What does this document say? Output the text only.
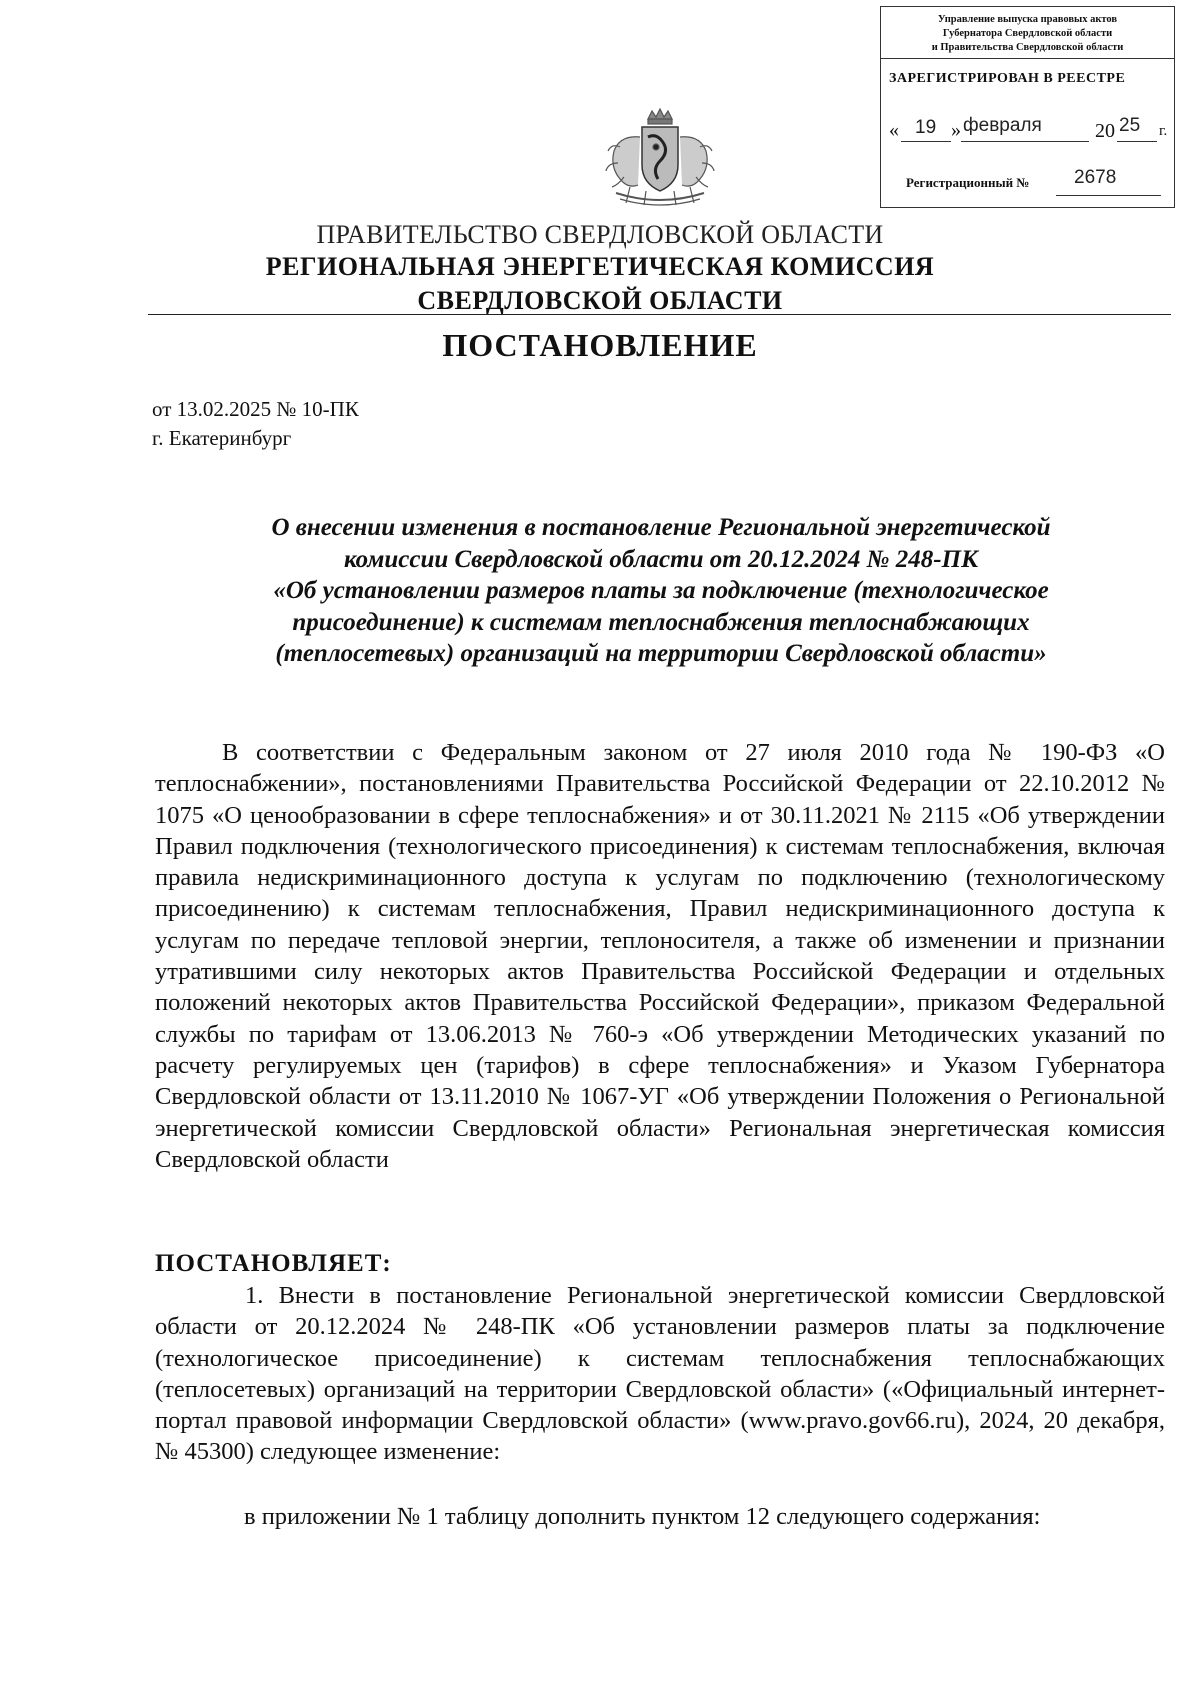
Управление выпуска правовых актов
Губернатора Свердловской области
и Правительства Свердловской области
ЗАРЕГИСТРИРОВАН В РЕЕСТРЕ
« 19 » февраля	20 25 г.
Регистрационный № 2678
ПРАВИТЕЛЬСТВО СВЕРДЛОВСКОЙ ОБЛАСТИ
РЕГИОНАЛЬНАЯ ЭНЕРГЕТИЧЕСКАЯ КОМИССИЯ
СВЕРДЛОВСКОЙ ОБЛАСТИ
ПОСТАНОВЛЕНИЕ
от 13.02.2025 № 10-ПК
г. Екатеринбург
О внесении изменения в постановление Региональной энергетической
комиссии Свердловской области от 20.12.2024 № 248-ПК
«Об установлении размеров платы за подключение (технологическое
присоединение) к системам теплоснабжения теплоснабжающих
(теплосетевых) организаций на территории Свердловской области»
В соответствии с Федеральным законом от 27 июля 2010 года № 190-ФЗ «О теплоснабжении», постановлениями Правительства Российской Федерации от 22.10.2012 № 1075 «О ценообразовании в сфере теплоснабжения» и от 30.11.2021 № 2115 «Об утверждении Правил подключения (технологического присоединения) к системам теплоснабжения, включая правила недискриминационного доступа к услугам по подключению (технологическому присоединению) к системам теплоснабжения, Правил недискриминационного доступа к услугам по передаче тепловой энергии, теплоносителя, а также об изменении и признании утратившими силу некоторых актов Правительства Российской Федерации и отдельных положений некоторых актов Правительства Российской Федерации», приказом Федеральной службы по тарифам от 13.06.2013 № 760-э «Об утверждении Методических указаний по расчету регулируемых цен (тарифов) в сфере теплоснабжения» и Указом Губернатора Свердловской области от 13.11.2010 № 1067-УГ «Об утверждении Положения о Региональной энергетической комиссии Свердловской области» Региональная энергетическая комиссия Свердловской области
ПОСТАНОВЛЯЕТ:
1. Внести в постановление Региональной энергетической комиссии Свердловской области от 20.12.2024 № 248-ПК «Об установлении размеров платы за подключение (технологическое присоединение) к системам теплоснабжения теплоснабжающих (теплосетевых) организаций на территории Свердловской области» («Официальный интернет-портал правовой информации Свердловской области» (www.pravo.gov66.ru), 2024, 20 декабря, № 45300) следующее изменение:
в приложении № 1 таблицу дополнить пунктом 12 следующего содержания:
